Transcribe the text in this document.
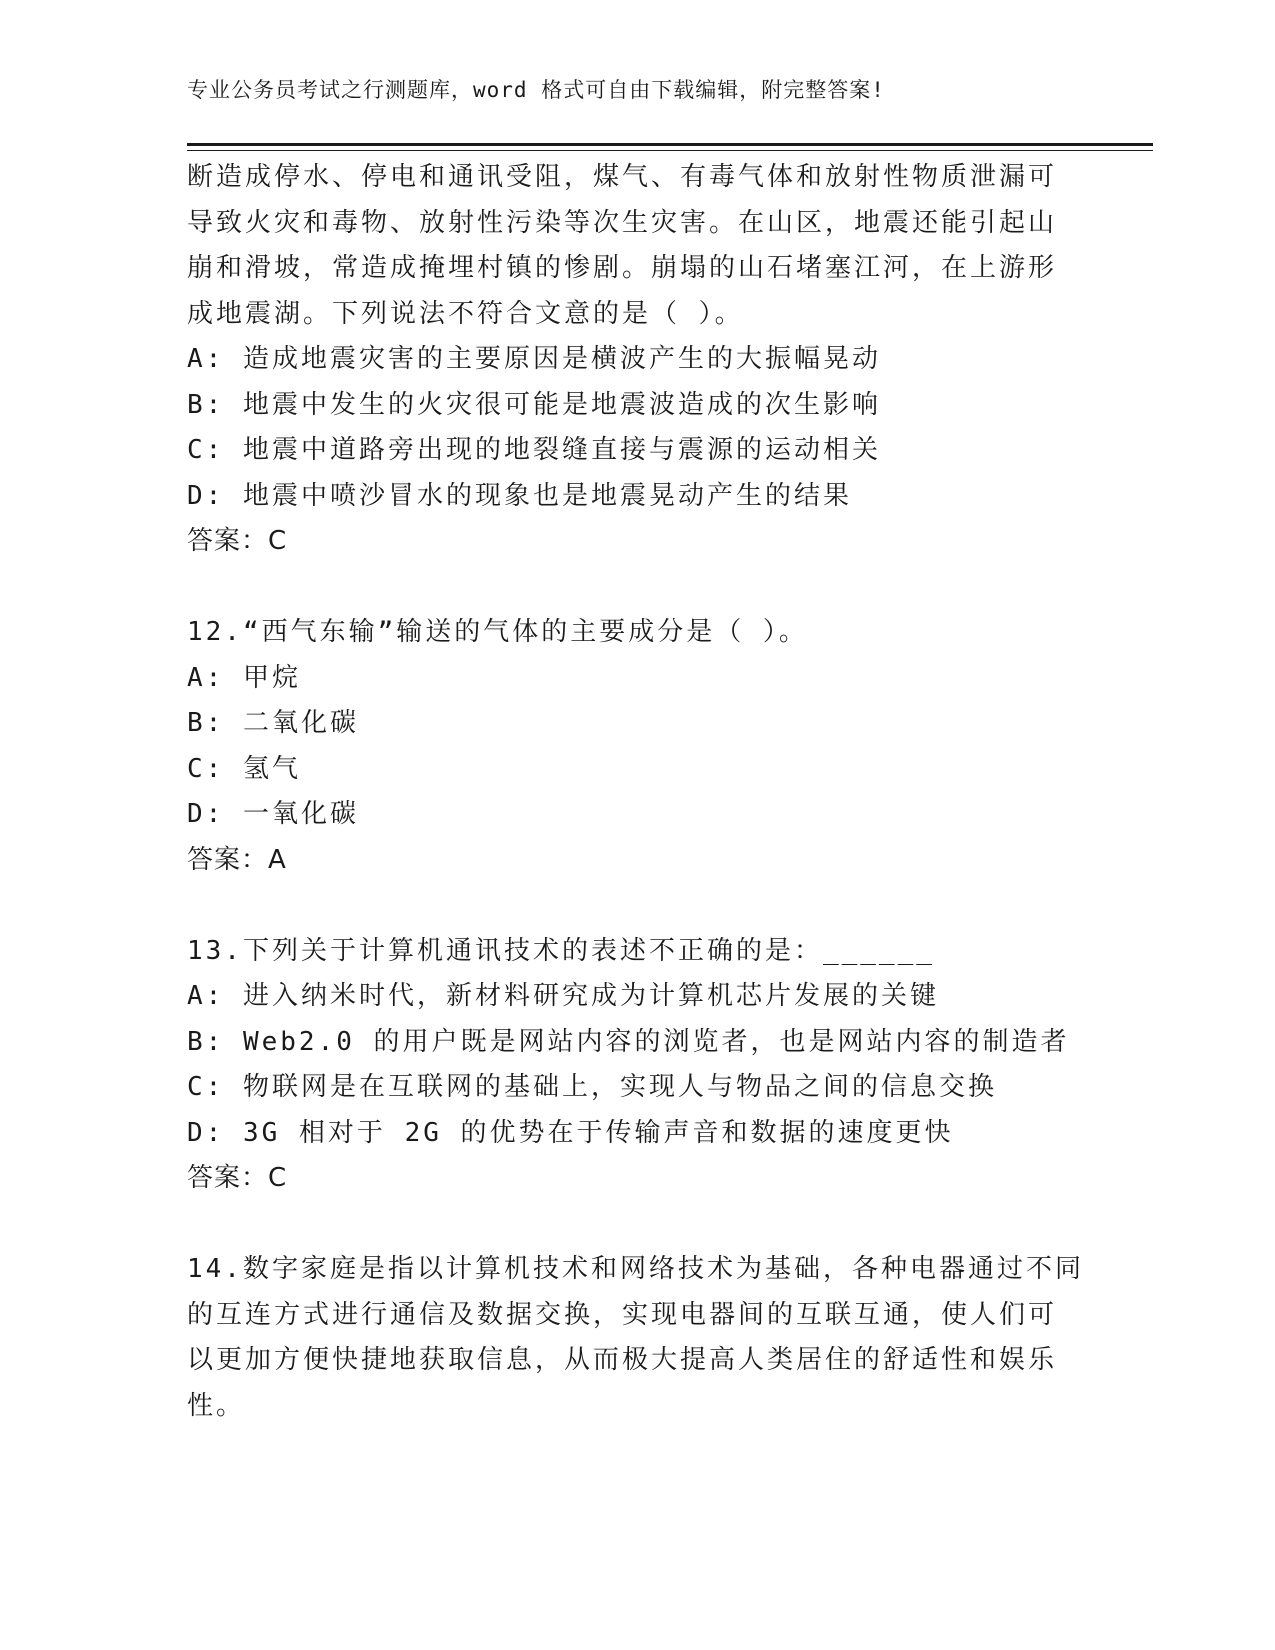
专业公务员考试之行测题库，word 格式可自由下载编辑，附完整答案!
断造成停水、停电和通讯受阻，煤气、有毒气体和放射性物质泄漏可
导致火灾和毒物、放射性污染等次生灾害。在山区，地震还能引起山
崩和滑坡，常造成掩埋村镇的惨剧。崩塌的山石堵塞江河，在上游形
成地震湖。下列说法不符合文意的是（ ）。
A: 造成地震灾害的主要原因是横波产生的大振幅晃动
B: 地震中发生的火灾很可能是地震波造成的次生影响
C: 地震中道路旁出现的地裂缝直接与震源的运动相关
D: 地震中喷沙冒水的现象也是地震晃动产生的结果
答案：C
12.“西气东输”输送的气体的主要成分是（ ）。
A: 甲烷
B: 二氧化碳
C: 氢气
D: 一氧化碳
答案：A
13.下列关于计算机通讯技术的表述不正确的是：______
A: 进入纳米时代，新材料研究成为计算机芯片发展的关键
B: Web2.0 的用户既是网站内容的浏览者，也是网站内容的制造者
C: 物联网是在互联网的基础上，实现人与物品之间的信息交换
D: 3G 相对于 2G 的优势在于传输声音和数据的速度更快
答案：C
14.数字家庭是指以计算机技术和网络技术为基础，各种电器通过不同
的互连方式进行通信及数据交换，实现电器间的互联互通，使人们可
以更加方便快捷地获取信息，从而极大提高人类居住的舒适性和娱乐
性。
